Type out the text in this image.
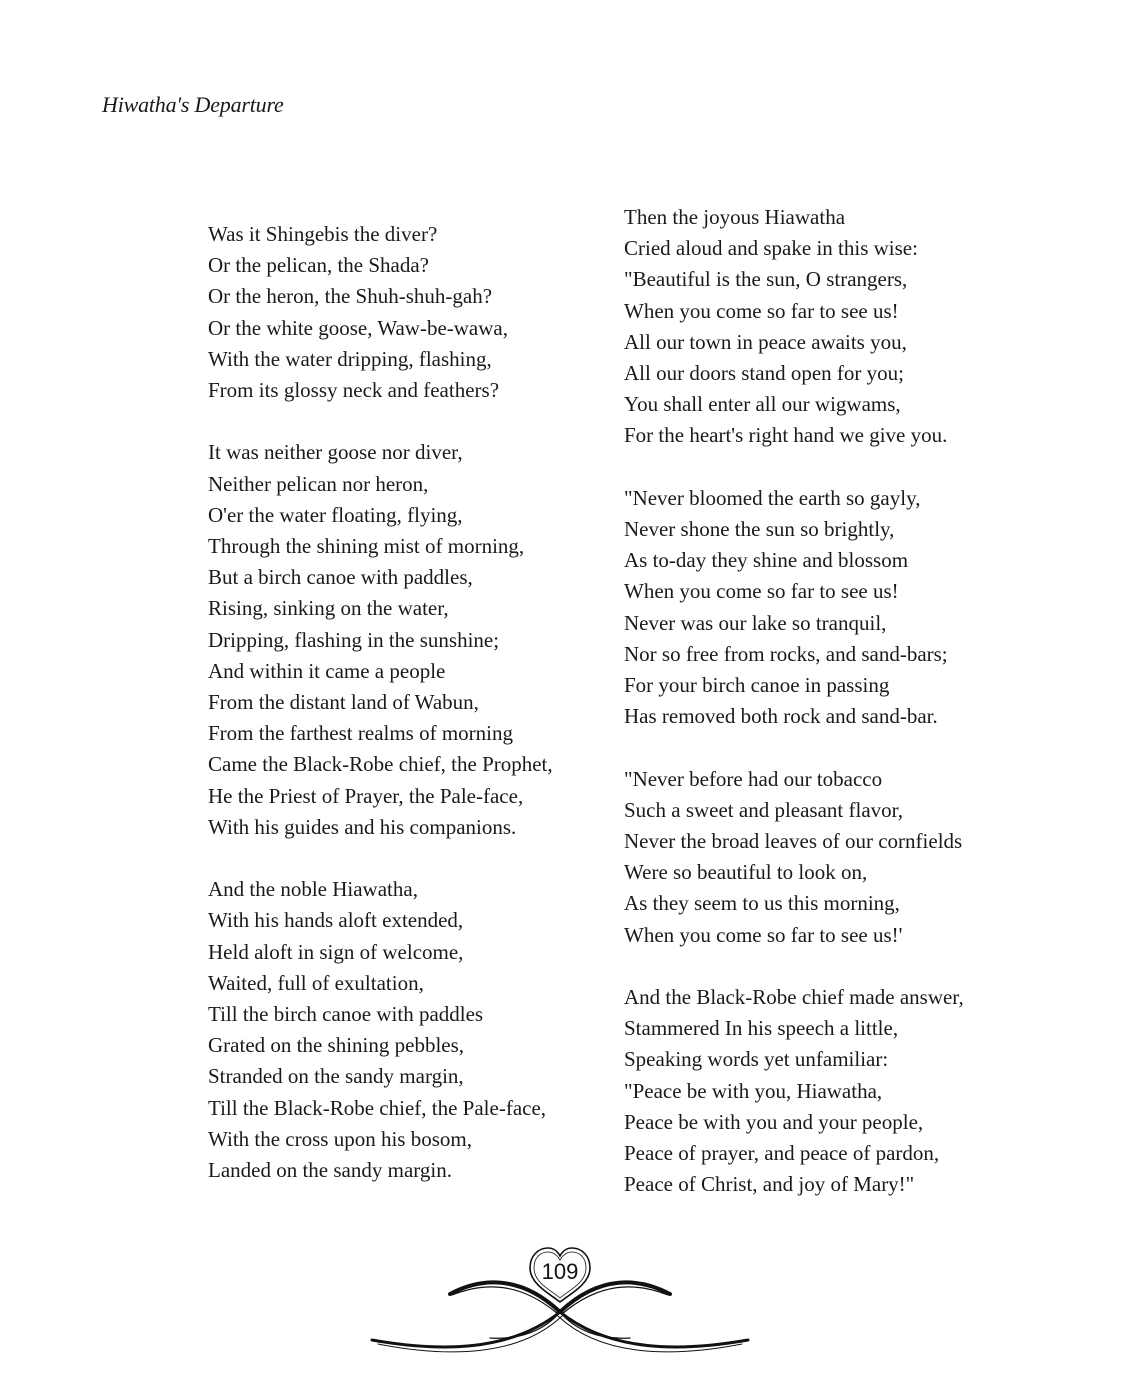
Hiwatha's Departure
Was it Shingebis the diver?
Or the pelican, the Shada?
Or the heron, the Shuh-shuh-gah?
Or the white goose, Waw-be-wawa,
With the water dripping, flashing,
From its glossy neck and feathers?
It was neither goose nor diver,
Neither pelican nor heron,
O'er the water floating, flying,
Through the shining mist of morning,
But a birch canoe with paddles,
Rising, sinking on the water,
Dripping, flashing in the sunshine;
And within it came a people
From the distant land of Wabun,
From the farthest realms of morning
Came the Black-Robe chief, the Prophet,
He the Priest of Prayer, the Pale-face,
With his guides and his companions.
And the noble Hiawatha,
With his hands aloft extended,
Held aloft in sign of welcome,
Waited, full of exultation,
Till the birch canoe with paddles
Grated on the shining pebbles,
Stranded on the sandy margin,
Till the Black-Robe chief, the Pale-face,
With the cross upon his bosom,
Landed on the sandy margin.
Then the joyous Hiawatha
Cried aloud and spake in this wise:
"Beautiful is the sun, O strangers,
When you come so far to see us!
All our town in peace awaits you,
All our doors stand open for you;
You shall enter all our wigwams,
For the heart's right hand we give you.
"Never bloomed the earth so gayly,
Never shone the sun so brightly,
As to-day they shine and blossom
When you come so far to see us!
Never was our lake so tranquil,
Nor so free from rocks, and sand-bars;
For your birch canoe in passing
Has removed both rock and sand-bar.
"Never before had our tobacco
Such a sweet and pleasant flavor,
Never the broad leaves of our cornfields
Were so beautiful to look on,
As they seem to us this morning,
When you come so far to see us!'
And the Black-Robe chief made answer,
Stammered In his speech a little,
Speaking words yet unfamiliar:
"Peace be with you, Hiawatha,
Peace be with you and your people,
Peace of prayer, and peace of pardon,
Peace of Christ, and joy of Mary!"
109
